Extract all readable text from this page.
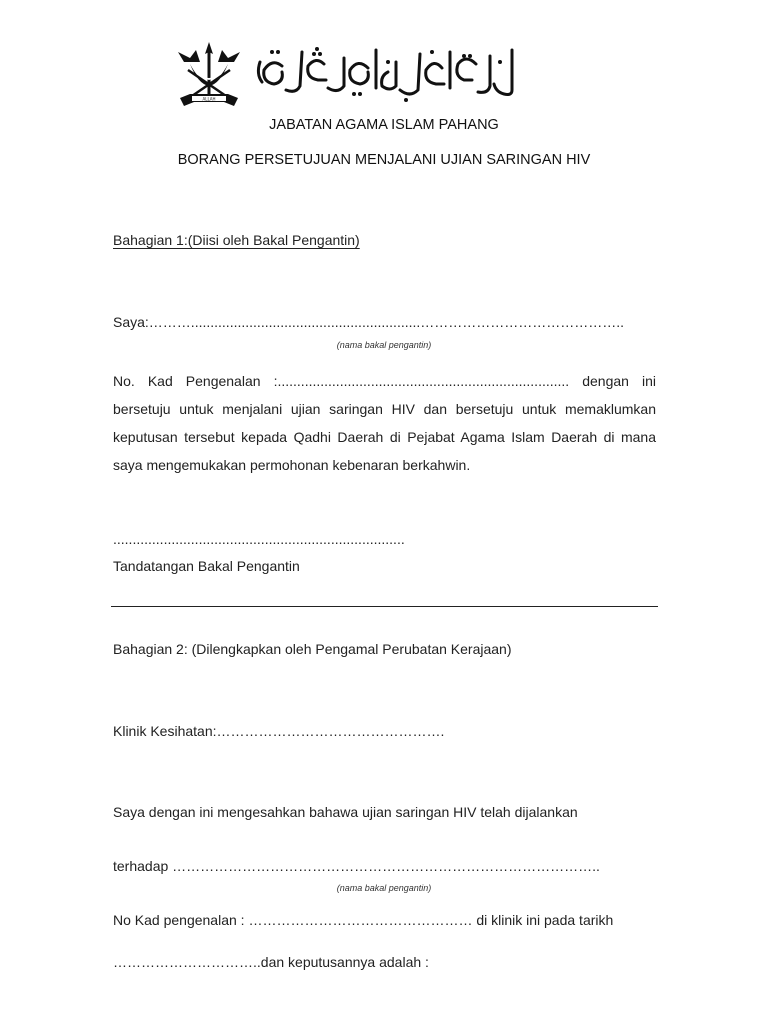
ALLAH
JABATAN AGAMA ISLAM PAHANG
BORANG PERSETUJUAN MENJALANI UJIAN SARINGAN HIV
Bahagian 1:(Diisi oleh Bakal Pengantin)
Saya:………...........................................................……………………………………..
(nama bakal pengantin)
No. Kad Pengenalan :........................................................................... dengan ini bersetuju untuk menjalani ujian saringan HIV dan bersetuju untuk memaklumkan keputusan tersebut kepada Qadhi Daerah di Pejabat Agama Islam Daerah di mana saya mengemukakan permohonan kebenaran berkahwin.
...........................................................................
Tandatangan Bakal Pengantin
Bahagian 2: (Dilengkapkan oleh Pengamal Perubatan Kerajaan)
Klinik Kesihatan:………………………………………….
Saya dengan ini mengesahkan bahawa ujian saringan HIV telah dijalankan
terhadap ………………………………………………………………………………..
(nama bakal pengantin)
No Kad pengenalan : ………………………………………… di klinik ini pada tarikh
…………………………..dan keputusannya adalah :
